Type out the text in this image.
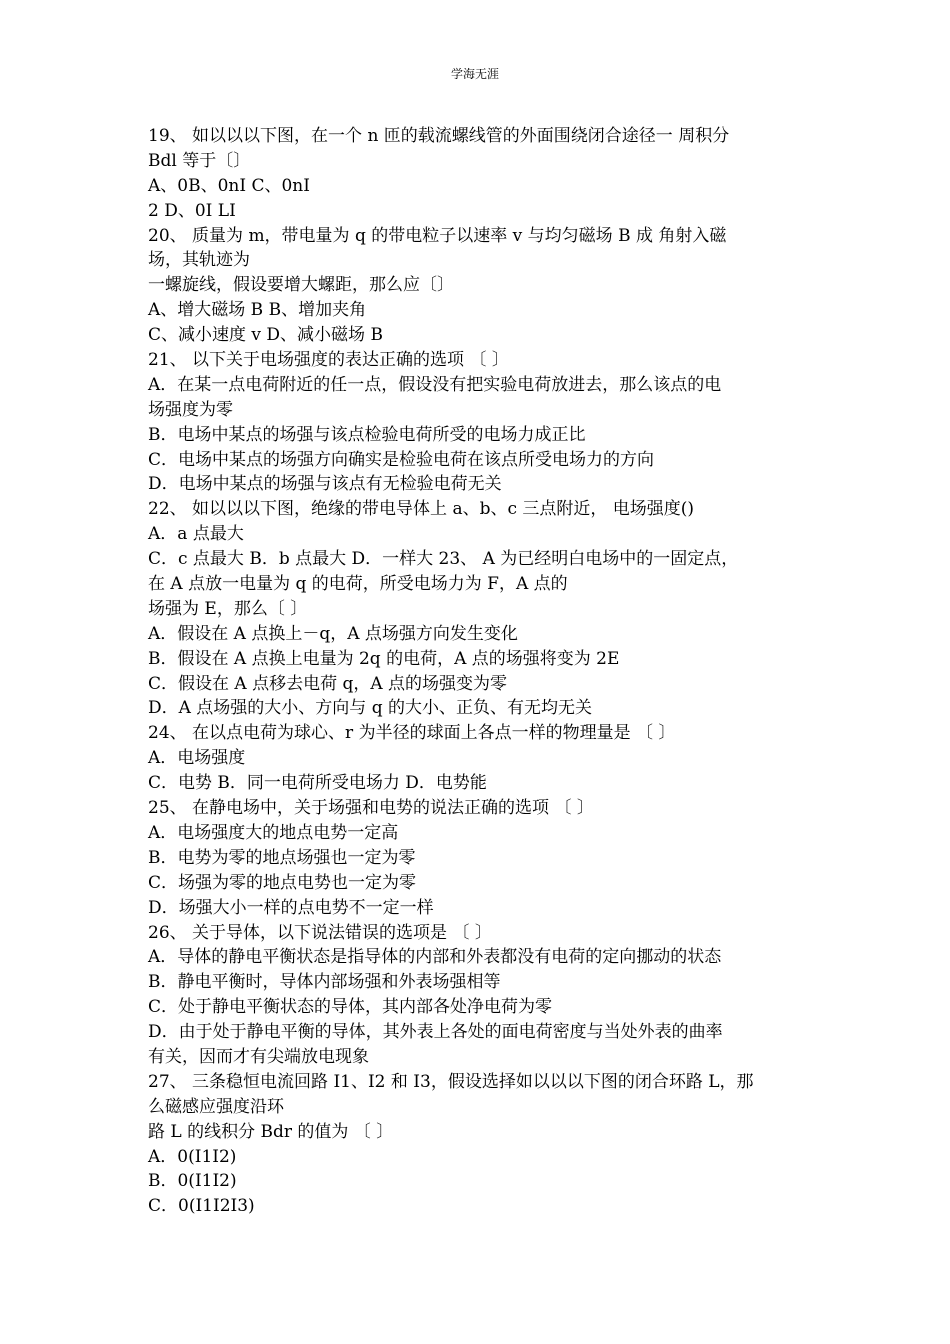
学海无涯
19、 如以以以下图，在一个 n 匝的载流螺线管的外面围绕闭合途径一 周积分
Bdl 等于〔〕
A、0B、0nI C、0nI
2 D、0I LI
20、 质量为 m，带电量为 q 的带电粒子以速率 v 与均匀磁场 B 成 角射入磁
场，其轨迹为
一螺旋线，假设要增大螺距，那么应〔〕
A、增大磁场 B B、增加夹角
C、减小速度 v D、减小磁场 B
21、 以下关于电场强度的表达正确的选项 〔 〕
A．在某一点电荷附近的任一点，假设没有把实验电荷放进去，那么该点的电
场强度为零
B．电场中某点的场强与该点检验电荷所受的电场力成正比
C．电场中某点的场强方向确实是检验电荷在该点所受电场力的方向
D．电场中某点的场强与该点有无检验电荷无关
22、 如以以以下图，绝缘的带电导体上 a、b、c 三点附近， 电场强度()
A．a 点最大
C．c 点最大 B．b 点最大 D．一样大 23、 A 为已经明白电场中的一固定点，
在 A 点放一电量为 q 的电荷，所受电场力为 F，A 点的
场强为 E，那么〔 〕
A．假设在 A 点换上－q，A 点场强方向发生变化
B．假设在 A 点换上电量为 2q 的电荷，A 点的场强将变为 2E
C．假设在 A 点移去电荷 q，A 点的场强变为零
D．A 点场强的大小、方向与 q 的大小、正负、有无均无关
24、 在以点电荷为球心、r 为半径的球面上各点一样的物理量是 〔 〕
A．电场强度
C．电势 B．同一电荷所受电场力 D．电势能
25、 在静电场中，关于场强和电势的说法正确的选项 〔 〕
A．电场强度大的地点电势一定高
B．电势为零的地点场强也一定为零
C．场强为零的地点电势也一定为零
D．场强大小一样的点电势不一定一样
26、 关于导体，以下说法错误的选项是 〔 〕
A．导体的静电平衡状态是指导体的内部和外表都没有电荷的定向挪动的状态
B．静电平衡时，导体内部场强和外表场强相等
C．处于静电平衡状态的导体，其内部各处净电荷为零
D．由于处于静电平衡的导体，其外表上各处的面电荷密度与当处外表的曲率
有关，因而才有尖端放电现象
27、 三条稳恒电流回路 I1、I2 和 I3，假设选择如以以以下图的闭合环路 L，那
么磁感应强度沿环
路 L 的线积分 Bdr 的值为 〔 〕
A．0(I1I2)
B．0(I1I2)
C．0(I1I2I3)
